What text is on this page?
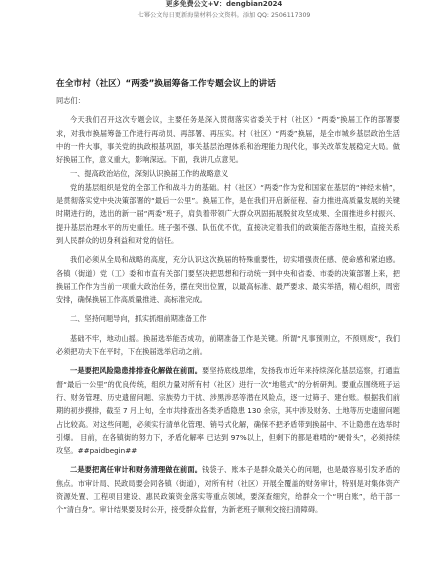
更多免费公文+V：dengbian2024
七幂公文每日更新海量材料公文资料。添加 QQ: 2506117309
在全市村（社区）“两委”换届筹备工作专题会议上的讲话

同志们：

今天我们召开这次专题会议，主要任务是深入贯彻落实省委关于村（社区）“两委”换届工作的部署要求，对我市换届筹备工作进行再动员、再部署、再压实。村（社区）“两委”换届，是全市城乡基层政治生活中的一件大事，事关党的执政根基巩固，事关基层治理体系和治理能力现代化，事关改革发展稳定大局。做好换届工作，意义重大，影响深远。下面，我讲几点意见。

一、提高政治站位，深刻认识换届工作的战略意义

党的基层组织是党的全部工作和战斗力的基础。村（社区）“两委”作为党和国家在基层的“神经末梢”，是贯彻落实党中央决策部署的“最后一公里”。换届工作，是在我们开启新征程、奋力推进高质量发展的关键时期进行的，选出的新一届“两委”班子，肩负着带领广大群众巩固拓展脱贫攻坚成果、全面推进乡村振兴、提升基层治理水平的历史重任。班子强不强、队伍优不优，直接决定着我们的政策能否落地生根，直接关系到人民群众的切身利益和对党的信任。

我们必须从全局和战略的高度，充分认识这次换届的特殊重要性，切实增强责任感、使命感和紧迫感。各镇（街道）党（工）委和市直有关部门要坚决把思想和行动统一到中央和省委、市委的决策部署上来，把换届工作作为当前一项重大政治任务，摆在突出位置，以最高标准、最严要求、最实举措，精心组织，周密安排，确保换届工作高质量推进、高标准完成。

二、坚持问题导向，抓实抓细前期准备工作

基础不牢，地动山摇。换届选举能否成功，前期准备工作是关键。所谓“凡事预则立，不预则废”，我们必须把功夫下在平时，下在换届选举启动之前。

一是要把风险隐患排排查化解做在前面。要坚持底线思维，发扬我市近年来持续深化基层巡察，打通监督“最后一公里”的优良传统，组织力量对所有村（社区）进行一次“地毯式”的分析研判。要重点围绕班子运行、财务管理、历史遗留问题、宗族势力干扰、涉黑涉恶等潜在风险点，逐一过筛子、建台账。根据我们前期的初步摸排，截至 7 月上旬，全市共排查出各类矛盾隐患 130 余宗，其中涉及财务、土地等历史遗留问题占比较高。对这些问题，必须实行清单化管理、销号式化解，确保不把矛盾带到换届中、不让隐患在选举时引爆。 目前，在各镇街的努力下，矛盾化解率 已达到 97%以上，但剩下的都是难啃的“硬骨头”，必须持续攻坚。##paidbegin##

二是要把离任审计和财务清理做在前面。钱袋子、账本子是群众最关心的问题，也是最容易引发矛盾的焦点。市审计局、民政局要会同各镇（街道），对所有村（社区）开展全覆盖的财务审计，特别是对集体资产资源处置、工程项目建设、惠民政策资金落实等重点领域，要深查细究，给群众一个“明白账”，给干部一个“清白身”。审计结果要及时公开，接受群众监督，为新老班子顺利交接扫清障碍。
